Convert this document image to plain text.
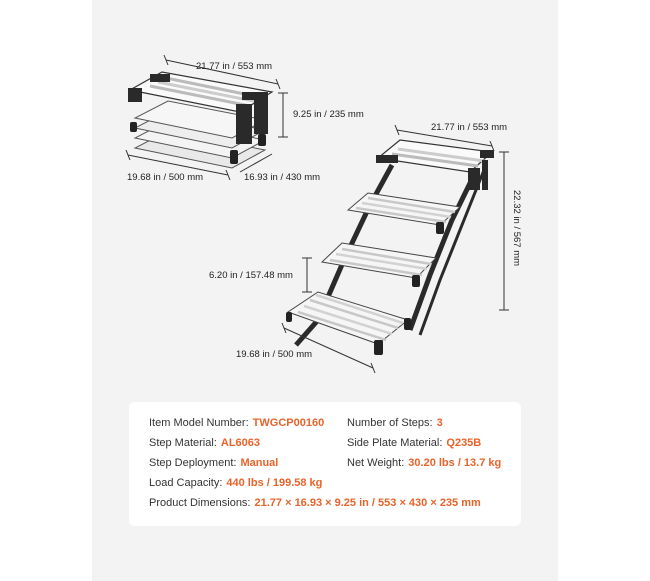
21.77 in / 553 mm
9.25 in / 235 mm
19.68 in / 500 mm	16.93 in / 430 mm
21.77 in / 553 mm
22.32 in / 567 mm
6.20 in / 157.48 mm
19.68 in / 500 mm
Item Model Number: TWGCP00160 Number of Steps: 3
Step Material: AL6063	Side Plate Material: Q235B
Step Deployment: Manual	Net Weight: 30.20 lbs / 13.7 kg
Load Capacity: 440 lbs / 199.58 kg
Product Dimensions: 21.77 × 16.93 × 9.25 in / 553 × 430 × 235 mm
